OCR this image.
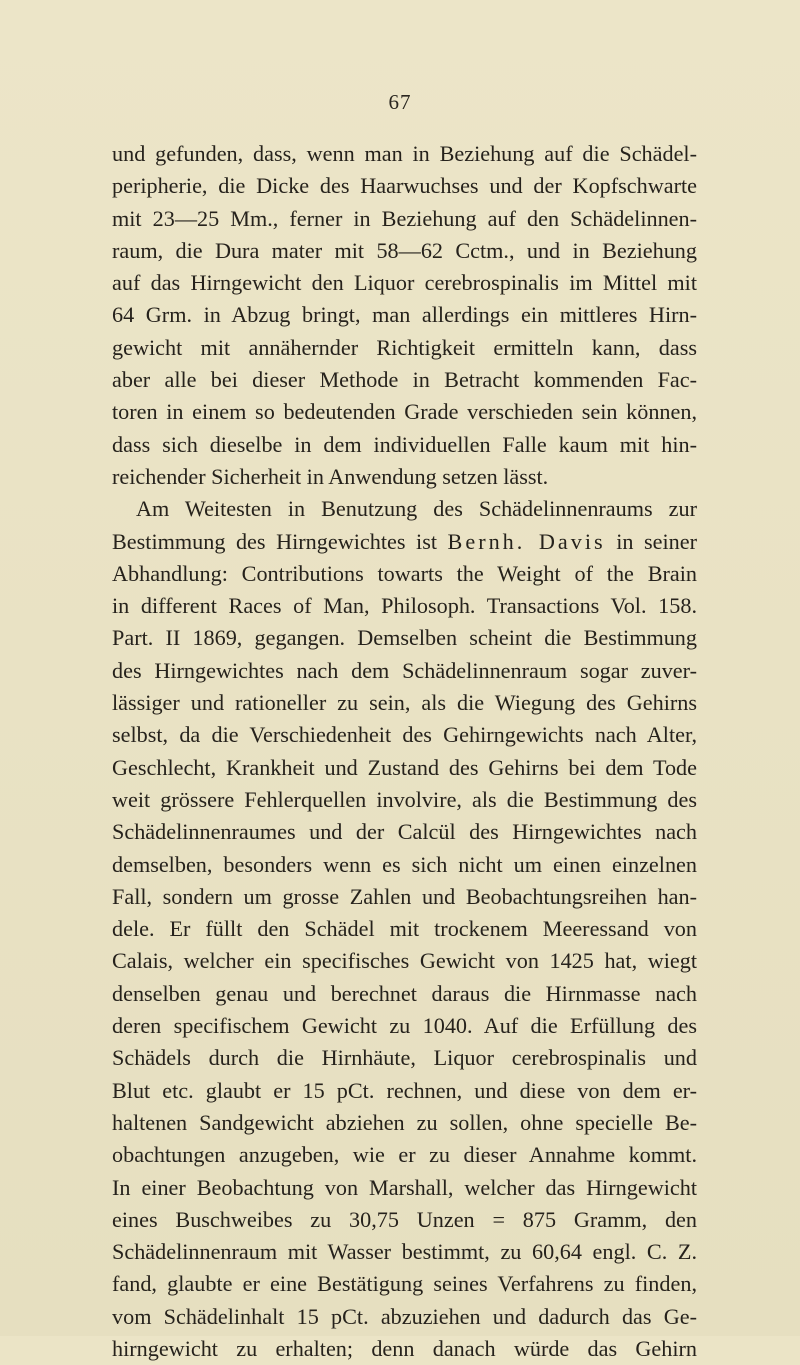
67
und gefunden, dass, wenn man in Beziehung auf die Schädel-
peripherie, die Dicke des Haarwuchses und der Kopfschwarte
mit 23—25 Mm., ferner in Beziehung auf den Schädelinnen-
raum, die Dura mater mit 58—62 Cctm., und in Beziehung
auf das Hirngewicht den Liquor cerebrospinalis im Mittel mit
64 Grm. in Abzug bringt, man allerdings ein mittleres Hirn-
gewicht mit annähernder Richtigkeit ermitteln kann, dass
aber alle bei dieser Methode in Betracht kommenden Fac-
toren in einem so bedeutenden Grade verschieden sein können,
dass sich dieselbe in dem individuellen Falle kaum mit hin-
reichender Sicherheit in Anwendung setzen lässt.
Am Weitesten in Benutzung des Schädelinnenraums zur
Bestimmung des Hirngewichtes ist Bernh. Davis in seiner
Abhandlung: Contributions towarts the Weight of the Brain
in different Races of Man, Philosoph. Transactions Vol. 158.
Part. II 1869, gegangen. Demselben scheint die Bestimmung
des Hirngewichtes nach dem Schädelinnenraum sogar zuver-
lässiger und rationeller zu sein, als die Wiegung des Gehirns
selbst, da die Verschiedenheit des Gehirngewichts nach Alter,
Geschlecht, Krankheit und Zustand des Gehirns bei dem Tode
weit grössere Fehlerquellen involvire, als die Bestimmung des
Schädelinnenraumes und der Calcül des Hirngewichtes nach
demselben, besonders wenn es sich nicht um einen einzelnen
Fall, sondern um grosse Zahlen und Beobachtungsreihen han-
dele. Er füllt den Schädel mit trockenem Meeressand von
Calais, welcher ein specifisches Gewicht von 1425 hat, wiegt
denselben genau und berechnet daraus die Hirnmasse nach
deren specifischem Gewicht zu 1040. Auf die Erfüllung des
Schädels durch die Hirnhäute, Liquor cerebrospinalis und
Blut etc. glaubt er 15 pCt. rechnen, und diese von dem er-
haltenen Sandgewicht abziehen zu sollen, ohne specielle Be-
obachtungen anzugeben, wie er zu dieser Annahme kommt.
In einer Beobachtung von Marshall, welcher das Hirngewicht
eines Buschweibes zu 30,75 Unzen = 875 Gramm, den
Schädelinnenraum mit Wasser bestimmt, zu 60,64 engl. C. Z.
fand, glaubte er eine Bestätigung seines Verfahrens zu finden,
vom Schädelinhalt 15 pCt. abzuziehen und dadurch das Ge-
hirngewicht zu erhalten; denn danach würde das Gehirn
